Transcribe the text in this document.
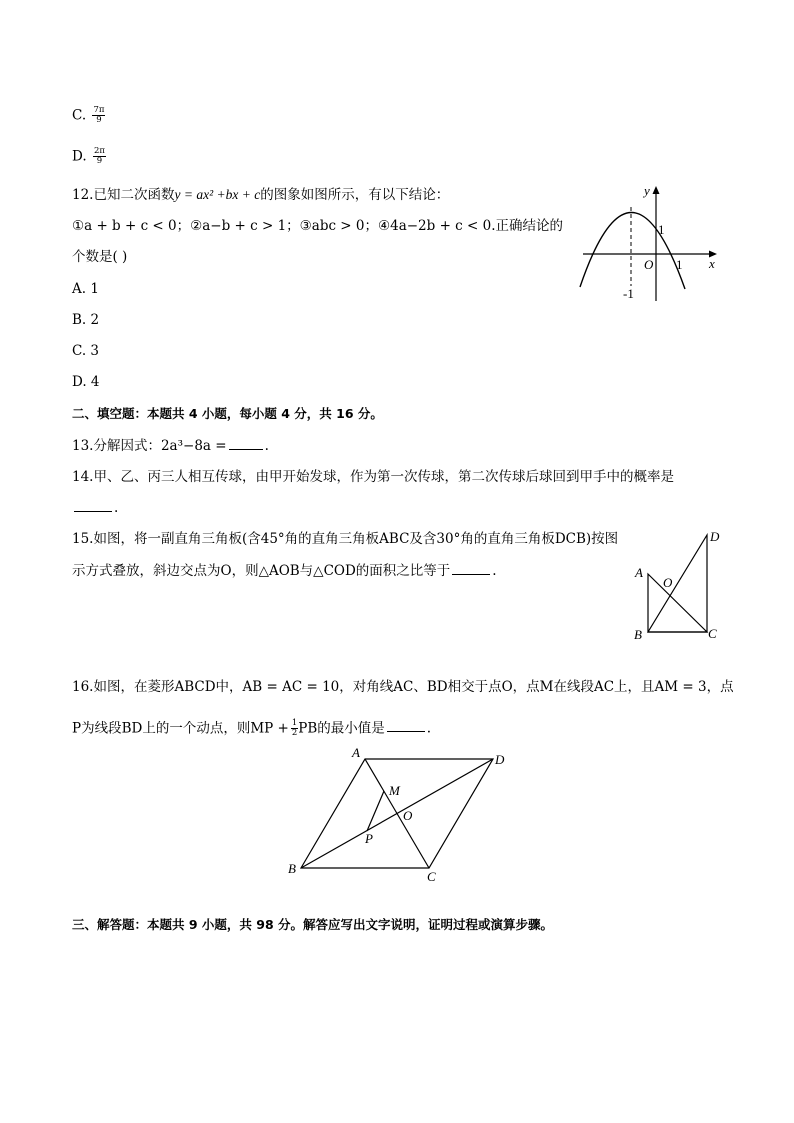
C. $\frac{7\pi}{9}$
D. $\frac{2\pi}{9}$
12.已知二次函数y = ax² +bx + c的图象如图所示，有以下结论：
①a + b + c < 0；②a−b + c > 1；③abc > 0；④4a−2b + c < 0.正确结论的
个数是( )
A. 1
B. 2
C. 3
D. 4
y
x
O 1
1
-1
二、填空题：本题共 4 小题，每小题 4 分，共 16 分。
13.分解因式：2a³−8a =	.
14.甲、乙、丙三人相互传球，由甲开始发球，作为第一次传球，第二次传球后球回到甲手中的概率是
.
15.如图，将一副直角三角板(含45°角的直角三角板ABC及含30°角的直角三角板DCB)按图
示方式叠放，斜边交点为O，则△AOB与△COD的面积之比等于	.
D
A
O
B	C
16.如图，在菱形ABCD中，AB = AC = 10，对角线AC、BD相交于点O，点M在线段AC上，且AM = 3，点
P为线段BD上的一个动点，则MP + $\frac{1}{2}$ PB的最小值是	.
A	D
M
O
P
B
C
三、解答题：本题共 9 小题，共 98 分。解答应写出文字说明，证明过程或演算步骤。
